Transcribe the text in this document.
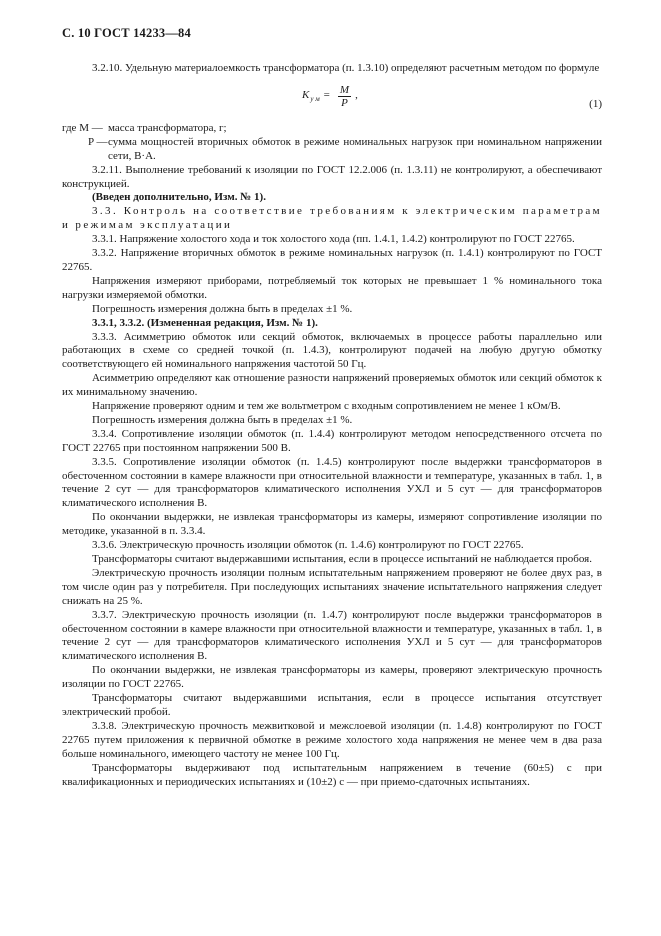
С. 10 ГОСТ 14233—84

3.2.10. Удельную материалоемкость трансформатора (п. 1.3.10) определяют расчетным методом по формуле

K у $м = \frac{M}{P}$ ,
(1)
где M — масса трансформатора, г;
P — сумма мощностей вторичных обмоток в режиме номинальных нагрузок при номинальном напряжении сети, В·А.

3.2.11. Выполнение требований к изоляции по ГОСТ 12.2.006 (п. 1.3.11) не контролируют, а обеспечивают конструкцией.

(Введен дополнительно, Изм. № 1).

3.3. Контроль на соответствие требованиям к электрическим параметрам и режимам эксплуатации

3.3.1. Напряжение холостого хода и ток холостого хода (пп. 1.4.1, 1.4.2) контролируют по ГОСТ 22765.

3.3.2. Напряжение вторичных обмоток в режиме номинальных нагрузок (п. 1.4.1) контролируют по ГОСТ 22765.

Напряжения измеряют приборами, потребляемый ток которых не превышает 1 % номинального тока нагрузки измеряемой обмотки.

Погрешность измерения должна быть в пределах ±1 %.

3.3.1, 3.3.2. (Измененная редакция, Изм. № 1).

3.3.3. Асимметрию обмоток или секций обмоток, включаемых в процессе работы параллельно или работающих в схеме со средней точкой (п. 1.4.3), контролируют подачей на любую другую обмотку соответствующего ей номинального напряжения частотой 50 Гц.

Асимметрию определяют как отношение разности напряжений проверяемых обмоток или секций обмоток к их минимальному значению.

Напряжение проверяют одним и тем же вольтметром с входным сопротивлением не менее 1 кОм/В.

Погрешность измерения должна быть в пределах ±1 %.

3.3.4. Сопротивление изоляции обмоток (п. 1.4.4) контролируют методом непосредственного отсчета по ГОСТ 22765 при постоянном напряжении 500 В.

3.3.5. Сопротивление изоляции обмоток (п. 1.4.5) контролируют после выдержки трансформаторов в обесточенном состоянии в камере влажности при относительной влажности и температуре, указанных в табл. 1, в течение 2 сут — для трансформаторов климатического исполнения УХЛ и 5 сут — для трансформаторов климатического исполнения В.

По окончании выдержки, не извлекая трансформаторы из камеры, измеряют сопротивление изоляции по методике, указанной в п. 3.3.4.

3.3.6. Электрическую прочность изоляции обмоток (п. 1.4.6) контролируют по ГОСТ 22765.

Трансформаторы считают выдержавшими испытания, если в процессе испытаний не наблюдается пробоя.

Электрическую прочность изоляции полным испытательным напряжением проверяют не более двух раз, в том числе один раз у потребителя. При последующих испытаниях значение испытательного напряжения следует снижать на 25 %.

3.3.7. Электрическую прочность изоляции (п. 1.4.7) контролируют после выдержки трансформаторов в обесточенном состоянии в камере влажности при относительной влажности и температуре, указанных в табл. 1, в течение 2 сут — для трансформаторов климатического исполнения УХЛ и 5 сут — для трансформаторов климатического исполнения В.

По окончании выдержки, не извлекая трансформаторы из камеры, проверяют электрическую прочность изоляции по ГОСТ 22765.

Трансформаторы считают выдержавшими испытания, если в процессе испытания отсутствует электрический пробой.

3.3.8. Электрическую прочность межвитковой и межслоевой изоляции (п. 1.4.8) контролируют по ГОСТ 22765 путем приложения к первичной обмотке в режиме холостого хода напряжения не менее чем в два раза больше номинального, имеющего частоту не менее 100 Гц.

Трансформаторы выдерживают под испытательным напряжением в течение (60±5) с при квалификационных и периодических испытаниях и (10±2) с — при приемо-сдаточных испытаниях.
